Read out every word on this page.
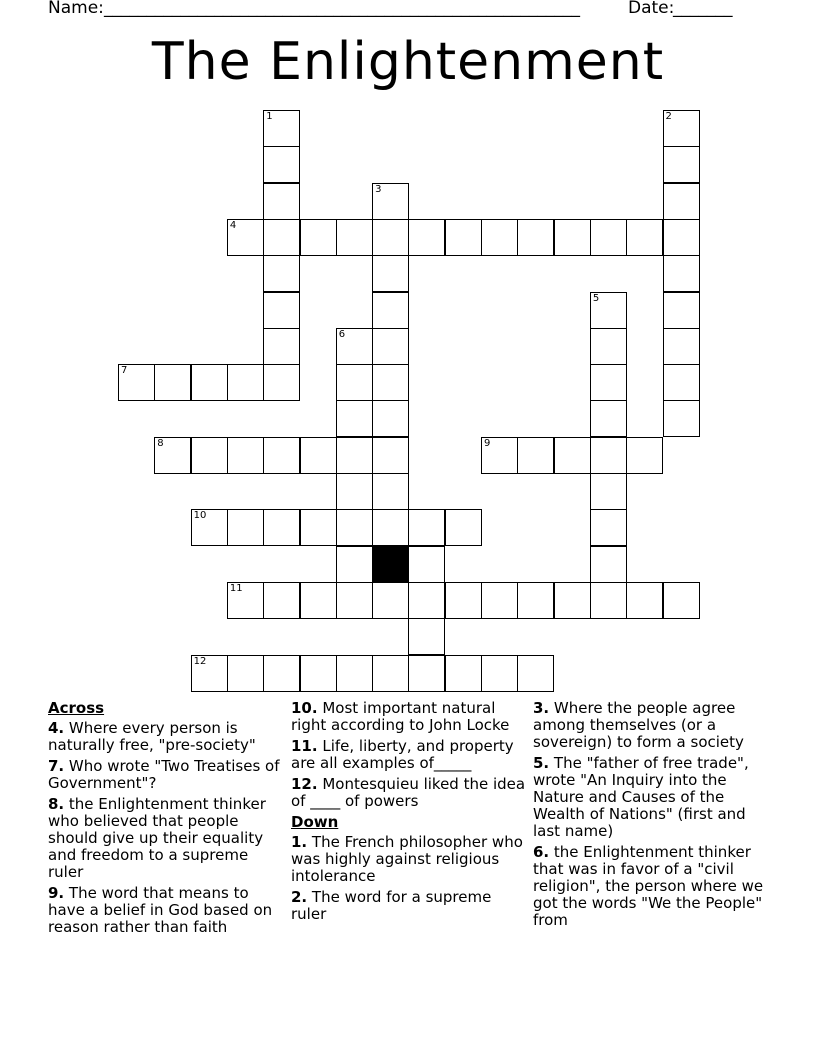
Name: ________________________________________________________	Date:
_______
The Enlightenment
1	2
3
4
5
6
7
8	9
10
11
12
Across
4. Where every person is naturally free, "pre-society"
7. Who wrote "Two Treatises of Government"?
8. the Enlightenment thinker who believed that people should give up their equality and freedom to a supreme ruler
9. The word that means to have a belief in God based on reason rather than faith
10. Most important natural right according to John Locke
11. Life, liberty, and property are all examples of_____
12. Montesquieu liked the idea of ____ of powers
Down
1. The French philosopher who was highly against religious intolerance
2. The word for a supreme ruler
3. Where the people agree among themselves (or a sovereign) to form a society
5. The "father of free trade", wrote "An Inquiry into the Nature and Causes of the Wealth of Nations" (first and last name)
6. the Enlightenment thinker that was in favor of a "civil religion", the person where we got the words "We the People" from
